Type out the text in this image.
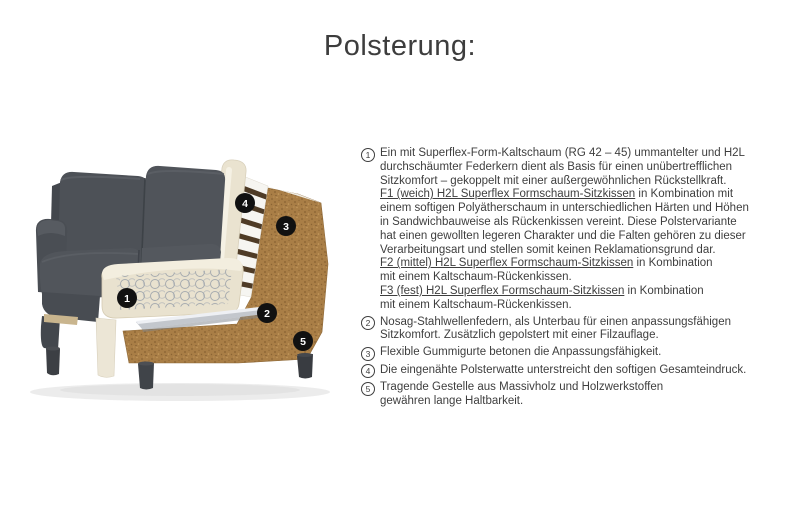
Polsterung:
1
2
3
4
5
1 Ein mit Superflex-Form-Kaltschaum (RG 42 – 45) ummantelter und H2L
durchschäumter Federkern dient als Basis für einen unübertrefflichen
Sitzkomfort – gekoppelt mit einer außergewöhnlichen Rückstellkraft.
F1 (weich) H2L Superflex Formschaum-Sitzkissen in Kombination mit
einem softigen Polyätherschaum in unterschiedlichen Härten und Höhen
in Sandwichbauweise als Rückenkissen vereint. Diese Polstervariante
hat einen gewollten legeren Charakter und die Falten gehören zu dieser
Verarbeitungsart und stellen somit keinen Reklamationsgrund dar.
F2 (mittel) H2L Superflex Formschaum-Sitzkissen in Kombination
mit einem Kaltschaum-Rückenkissen.
F3 (fest) H2L Superflex Formschaum-Sitzkissen in Kombination
mit einem Kaltschaum-Rückenkissen.
2 Nosag-Stahlwellenfedern, als Unterbau für einen anpassungsfähigen
Sitzkomfort. Zusätzlich gepolstert mit einer Filzauflage.
3 Flexible Gummigurte betonen die Anpassungsfähigkeit.
4 Die eingenähte Polsterwatte unterstreicht den softigen Gesamteindruck.
5 Tragende Gestelle aus Massivholz und Holzwerkstoffen
gewähren lange Haltbarkeit.
